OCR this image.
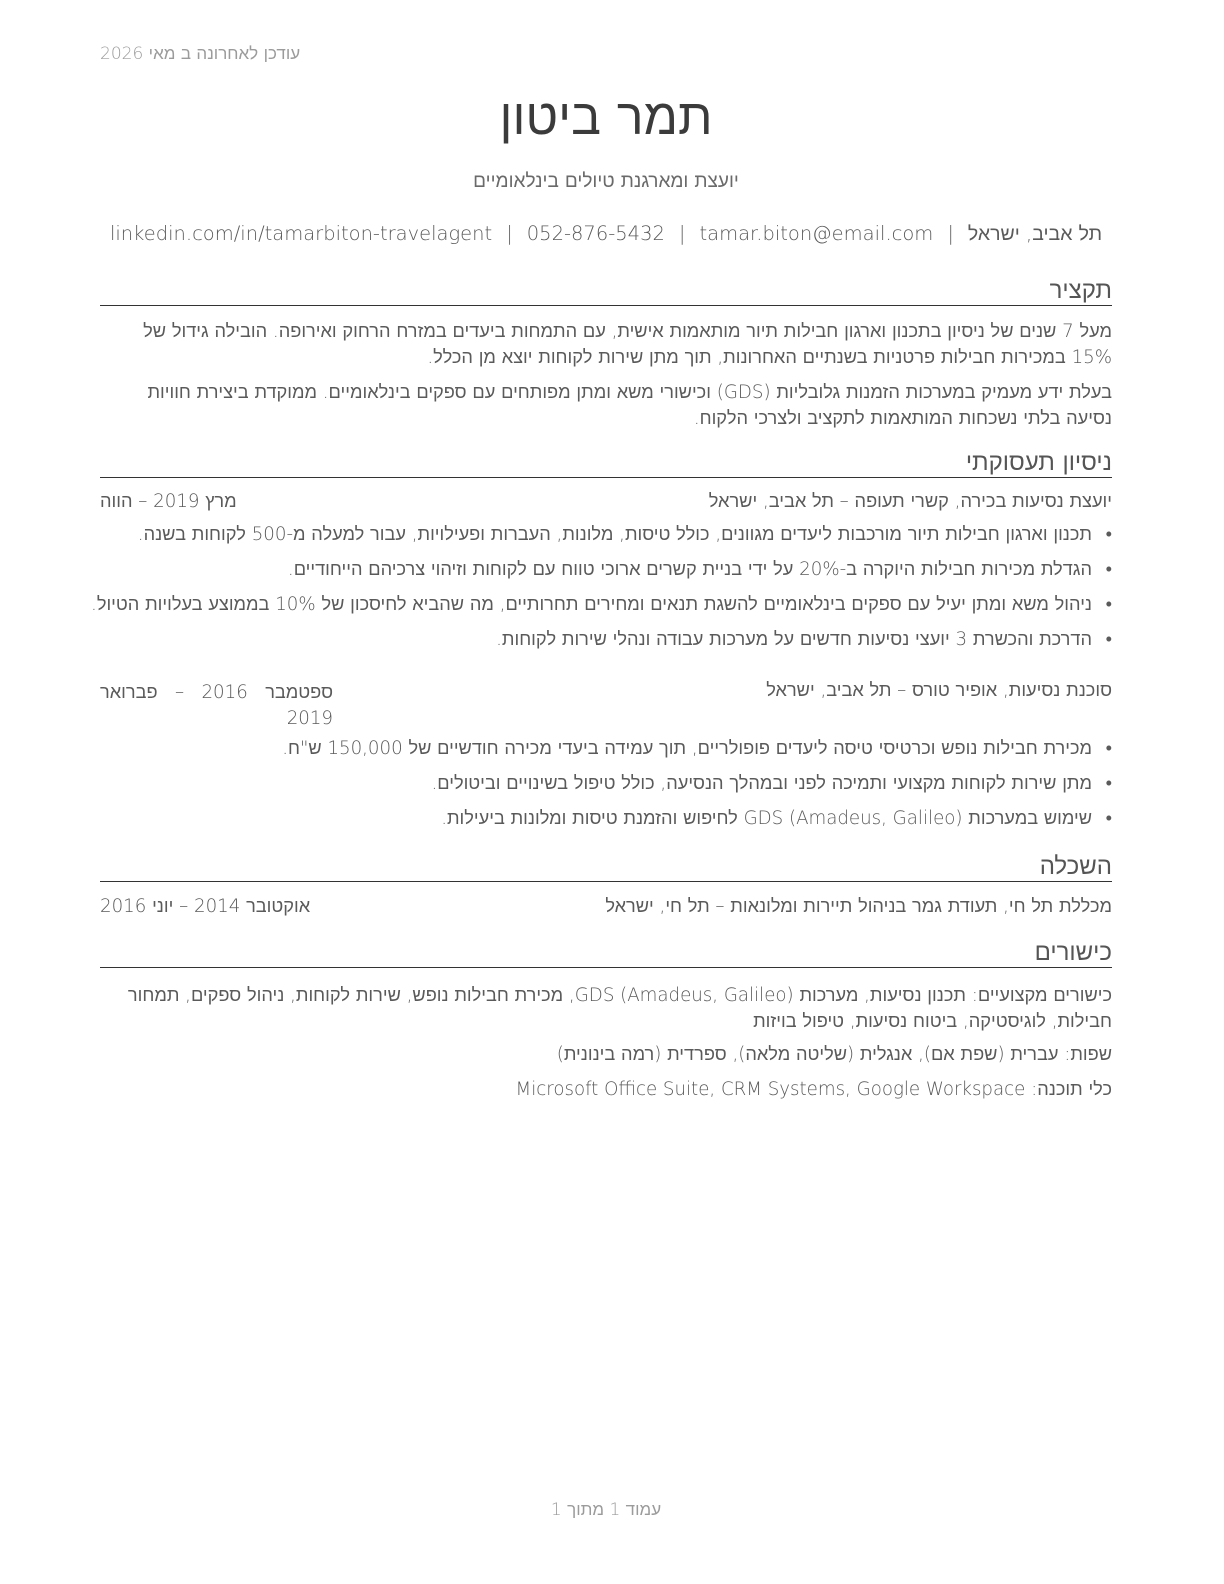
עודכן לאחרונה ב מאי 2026
תמר ביטון
יועצת ומארגנת טיולים בינלאומיים
תל אביב, ישראל|tamar.biton@email.com|052-876-5432|linkedin.com/in/tamarbiton-travelagent
תקציר
מעל 7 שנים של ניסיון בתכנון וארגון חבילות תיור מותאמות אישית, עם התמחות ביעדים במזרח הרחוק ואירופה. הובילה גידול של 15% במכירות חבילות פרטניות בשנתיים האחרונות, תוך מתן שירות לקוחות יוצא מן הכלל.
בעלת ידע מעמיק במערכות הזמנות גלובליות (GDS) וכישורי משא ומתן מפותחים עם ספקים בינלאומיים. ממוקדת ביצירת חוויות נסיעה בלתי נשכחות המותאמות לתקציב ולצרכי הלקוח.
ניסיון תעסוקתי
יועצת נסיעות בכירה, קשרי תעופה – תל אביב, ישראל
מרץ 2019 – הווה
•תכנון וארגון חבילות תיור מורכבות ליעדים מגוונים, כולל טיסות, מלונות, העברות ופעילויות, עבור למעלה מ-500 לקוחות בשנה.
•הגדלת מכירות חבילות היוקרה ב-20% על ידי בניית קשרים ארוכי טווח עם לקוחות וזיהוי צרכיהם הייחודיים.
•ניהול משא ומתן יעיל עם ספקים בינלאומיים להשגת תנאים ומחירים תחרותיים, מה שהביא לחיסכון של 10% בממוצע בעלויות הטיול.
•הדרכת והכשרת 3 יועצי נסיעות חדשים על מערכות עבודה ונהלי שירות לקוחות.
סוכנת נסיעות, אופיר טורס – תל אביב, ישראל
ספטמבר 2016 – פברואר 2019
•מכירת חבילות נופש וכרטיסי טיסה ליעדים פופולריים, תוך עמידה ביעדי מכירה חודשיים של 150,000 ש"ח.
•מתן שירות לקוחות מקצועי ותמיכה לפני ובמהלך הנסיעה, כולל טיפול בשינויים וביטולים.
•שימוש במערכות GDS (Amadeus, Galileo) לחיפוש והזמנת טיסות ומלונות ביעילות.
השכלה
מכללת תל חי, תעודת גמר בניהול תיירות ומלונאות – תל חי, ישראל
אוקטובר 2014 – יוני 2016
כישורים
כישורים מקצועיים: תכנון נסיעות, מערכות GDS (Amadeus, Galileo), מכירת חבילות נופש, שירות לקוחות, ניהול ספקים, תמחור חבילות, לוגיסטיקה, ביטוח נסיעות, טיפול בויזות
שפות: עברית (שפת אם), אנגלית (שליטה מלאה), ספרדית (רמה בינונית)
כלי תוכנה: Microsoft Office Suite, CRM Systems, Google Workspace
עמוד 1 מתוך 1
